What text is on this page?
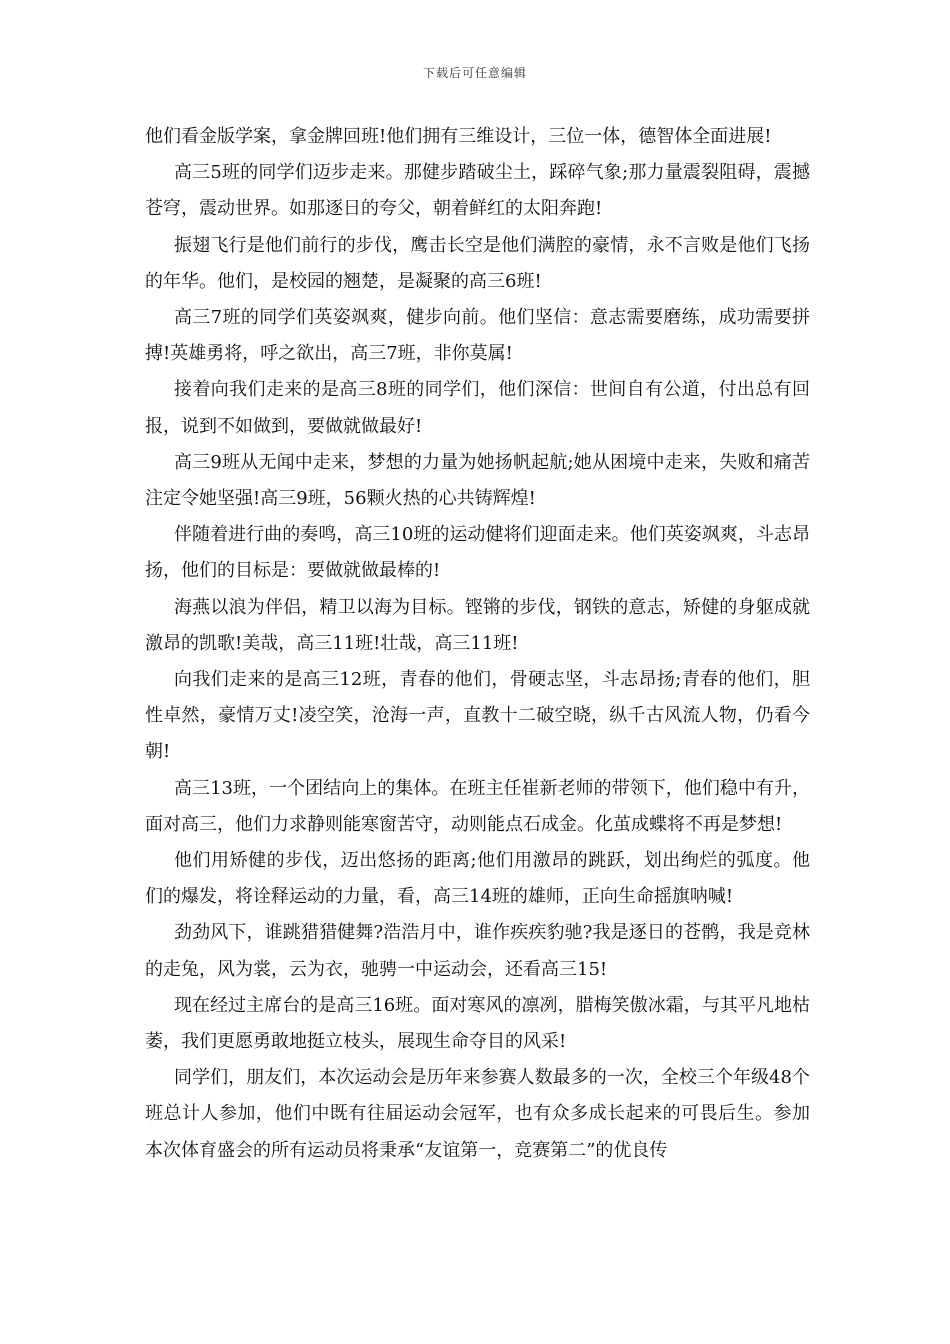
下载后可任意编辑

他们看金版学案，拿金牌回班!他们拥有三维设计，三位一体，德智体全面进展!

高三5班的同学们迈步走来。那健步踏破尘土，踩碎气象;那力量震裂阻碍，震撼苍穹，震动世界。如那逐日的夸父，朝着鲜红的太阳奔跑!

振翅飞行是他们前行的步伐，鹰击长空是他们满腔的豪情，永不言败是他们飞扬的年华。他们，是校园的翘楚，是凝聚的高三6班!

高三7班的同学们英姿飒爽，健步向前。他们坚信：意志需要磨练，成功需要拼搏!英雄勇将，呼之欲出，高三7班，非你莫属!

接着向我们走来的是高三8班的同学们，他们深信：世间自有公道，付出总有回报，说到不如做到，要做就做最好!

高三9班从无闻中走来，梦想的力量为她扬帆起航;她从困境中走来，失败和痛苦注定令她坚强!高三9班，56颗火热的心共铸辉煌!

伴随着进行曲的奏鸣，高三10班的运动健将们迎面走来。他们英姿飒爽，斗志昂扬，他们的目标是：要做就做最棒的!

海燕以浪为伴侣，精卫以海为目标。铿锵的步伐，钢铁的意志，矫健的身躯成就激昂的凯歌!美哉，高三11班!壮哉，高三11班!

向我们走来的是高三12班，青春的他们，骨硬志坚，斗志昂扬;青春的他们，胆性卓然，豪情万丈!凌空笑，沧海一声，直教十二破空晓，纵千古风流人物，仍看今朝!

高三13班，一个团结向上的集体。在班主任崔新老师的带领下，他们稳中有升，面对高三，他们力求静则能寒窗苦守，动则能点石成金。化茧成蝶将不再是梦想!

他们用矫健的步伐，迈出悠扬的距离;他们用激昂的跳跃，划出绚烂的弧度。他们的爆发，将诠释运动的力量，看，高三14班的雄师，正向生命摇旗呐喊!

劲劲风下，谁跳猎猎健舞?浩浩月中，谁作疾疾豹驰?我是逐日的苍鹘，我是竞林的走兔，风为裳，云为衣，驰骋一中运动会，还看高三15!

现在经过主席台的是高三16班。面对寒风的凛冽，腊梅笑傲冰霜，与其平凡地枯萎，我们更愿勇敢地挺立枝头，展现生命夺目的风采!

同学们，朋友们，本次运动会是历年来参赛人数最多的一次，全校三个年级48个班总计人参加，他们中既有往届运动会冠军，也有众多成长起来的可畏后生。参加本次体育盛会的所有运动员将秉承“友谊第一，竞赛第二”的优良传
